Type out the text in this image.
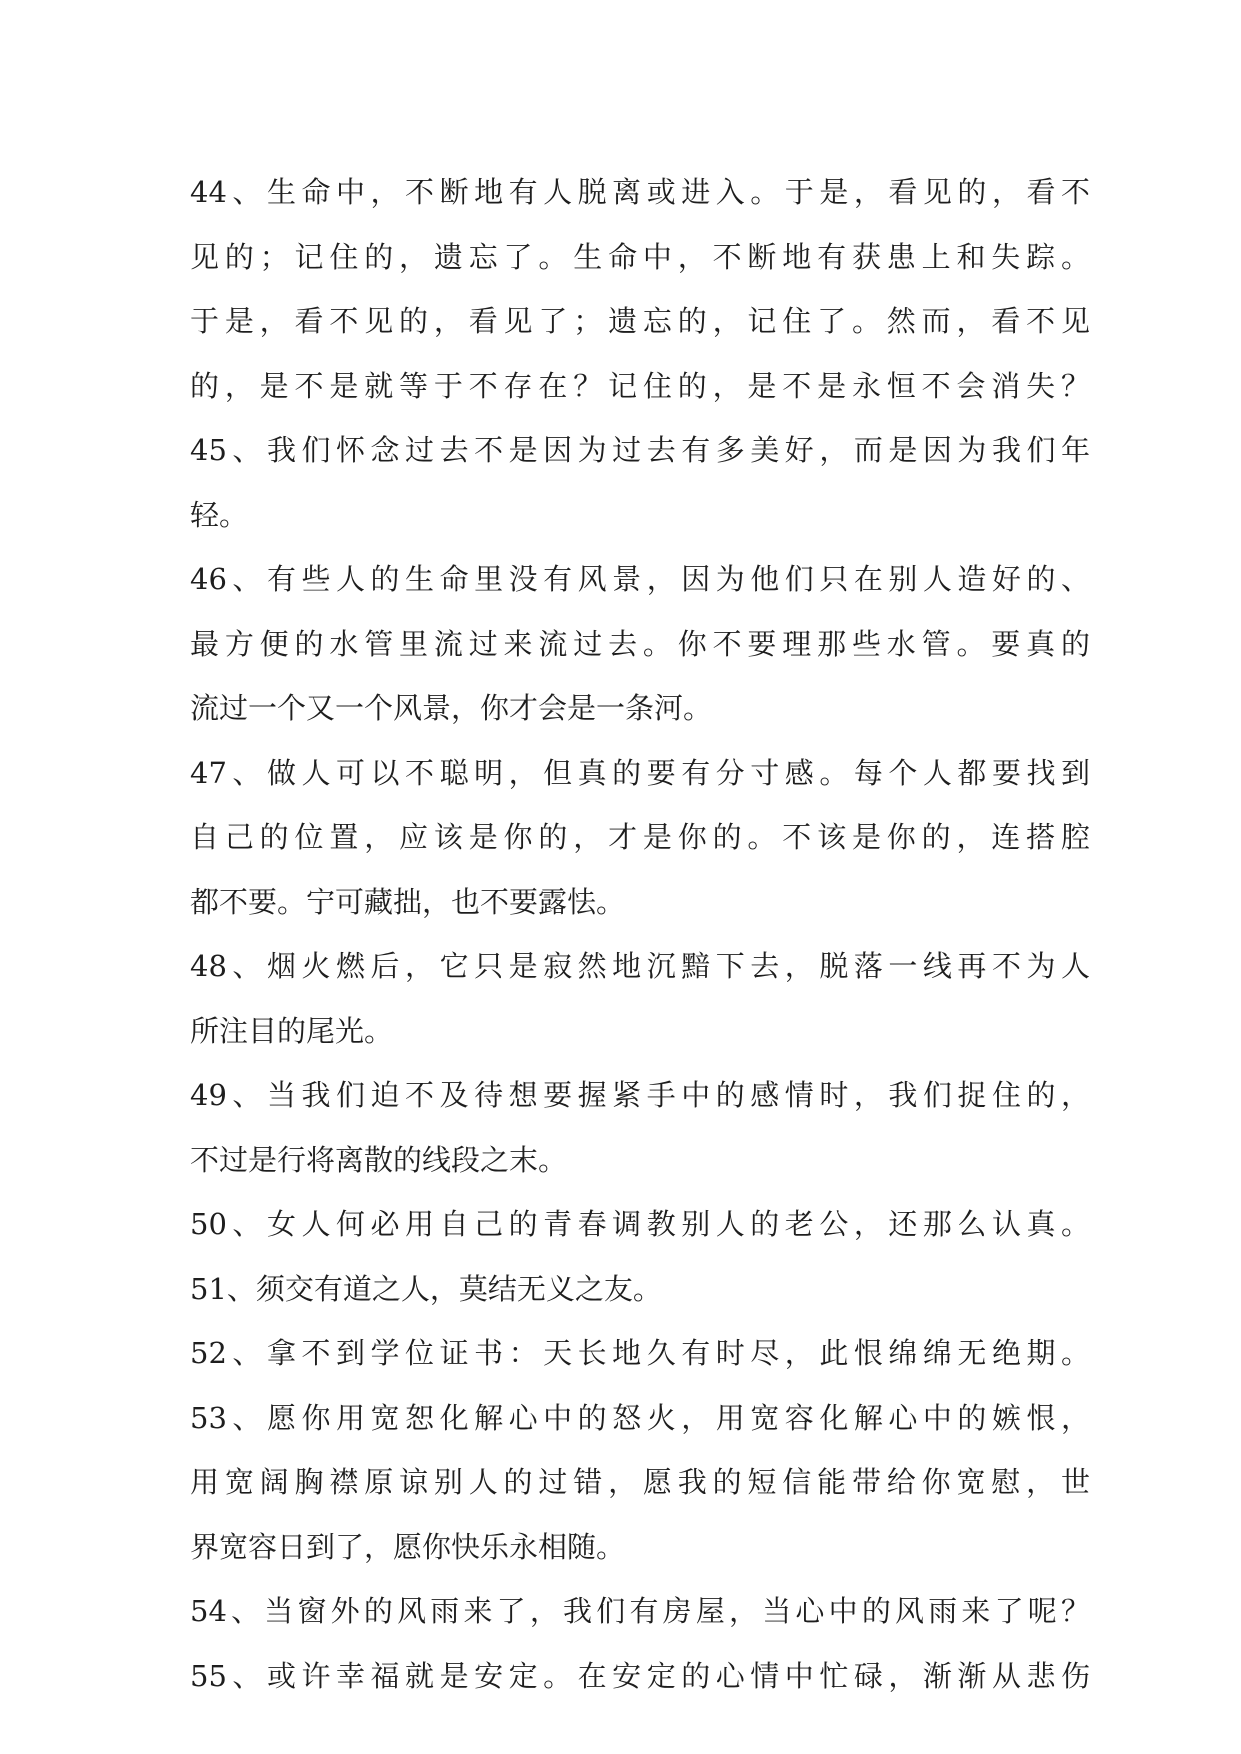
44、生命中，不断地有人脱离或进入。于是，看见的，看不
见的；记住的，遗忘了。生命中，不断地有获患上和失踪。
于是，看不见的，看见了；遗忘的，记住了。然而，看不见
的，是不是就等于不存在？记住的，是不是永恒不会消失？
45、我们怀念过去不是因为过去有多美好，而是因为我们年
轻。
46、有些人的生命里没有风景，因为他们只在别人造好的、
最方便的水管里流过来流过去。你不要理那些水管。要真的
流过一个又一个风景，你才会是一条河。
47、做人可以不聪明，但真的要有分寸感。每个人都要找到
自己的位置，应该是你的，才是你的。不该是你的，连搭腔
都不要。宁可藏拙，也不要露怯。
48、烟火燃后，它只是寂然地沉黯下去，脱落一线再不为人
所注目的尾光。
49、当我们迫不及待想要握紧手中的感情时，我们捉住的，
不过是行将离散的线段之末。
50、女人何必用自己的青春调教别人的老公，还那么认真。
51、须交有道之人，莫结无义之友。
52、拿不到学位证书：天长地久有时尽，此恨绵绵无绝期。
53、愿你用宽恕化解心中的怒火，用宽容化解心中的嫉恨，
用宽阔胸襟原谅别人的过错，愿我的短信能带给你宽慰，世
界宽容日到了，愿你快乐永相随。
54、当窗外的风雨来了，我们有房屋，当心中的风雨来了呢？
55、或许幸福就是安定。在安定的心情中忙碌，渐渐从悲伤
